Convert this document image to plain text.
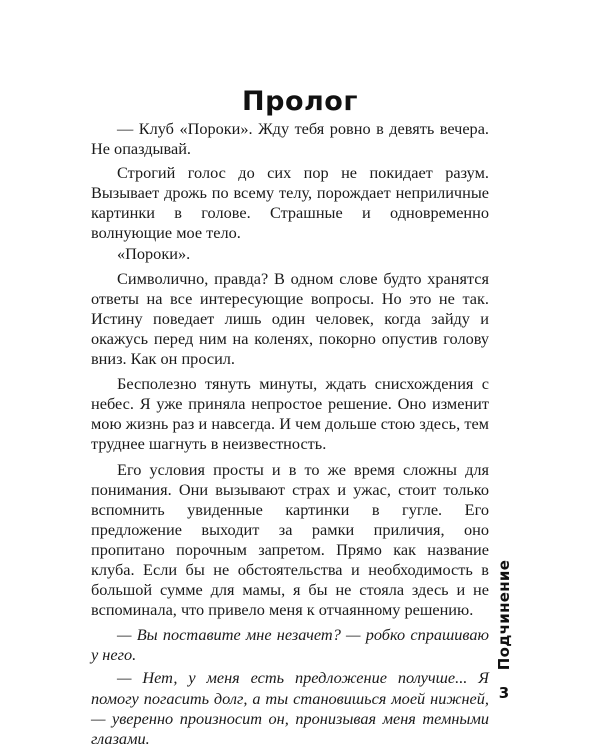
Пролог

— Клуб «Пороки». Жду тебя ровно в девять вечера. Не опаздывай.

Строгий голос до сих пор не покидает разум. Вызывает дрожь по всему телу, порождает неприличные картинки в голове. Страшные и одновременно волнующие мое тело.

«Пороки».

Символично, правда? В одном слове будто хранятся ответы на все интересующие вопросы. Но это не так. Истину поведает лишь один человек, когда зайду и окажусь перед ним на коленях, покорно опустив голову вниз. Как он просил.

Бесполезно тянуть минуты, ждать снисхождения с небес. Я уже приняла непростое решение. Оно изменит мою жизнь раз и навсегда. И чем дольше стою здесь, тем труднее шагнуть в неизвестность.

Его условия просты и в то же время сложны для понимания. Они вызывают страх и ужас, стоит только вспомнить увиденные картинки в гугле. Его предложение выходит за рамки приличия, оно пропитано порочным запретом. Прямо как название клуба. Если бы не обстоятельства и необходимость в большой сумме для мамы, я бы не стояла здесь и не вспоминала, что привело меня к отчаянному решению.

— Вы поставите мне незачет? — робко спрашиваю у него.

— Нет, у меня есть предложение получше... Я помогу погасить долг, а ты становишься моей нижней, — уверенно произносит он, пронизывая меня темными глазами.

Подчинение
3
